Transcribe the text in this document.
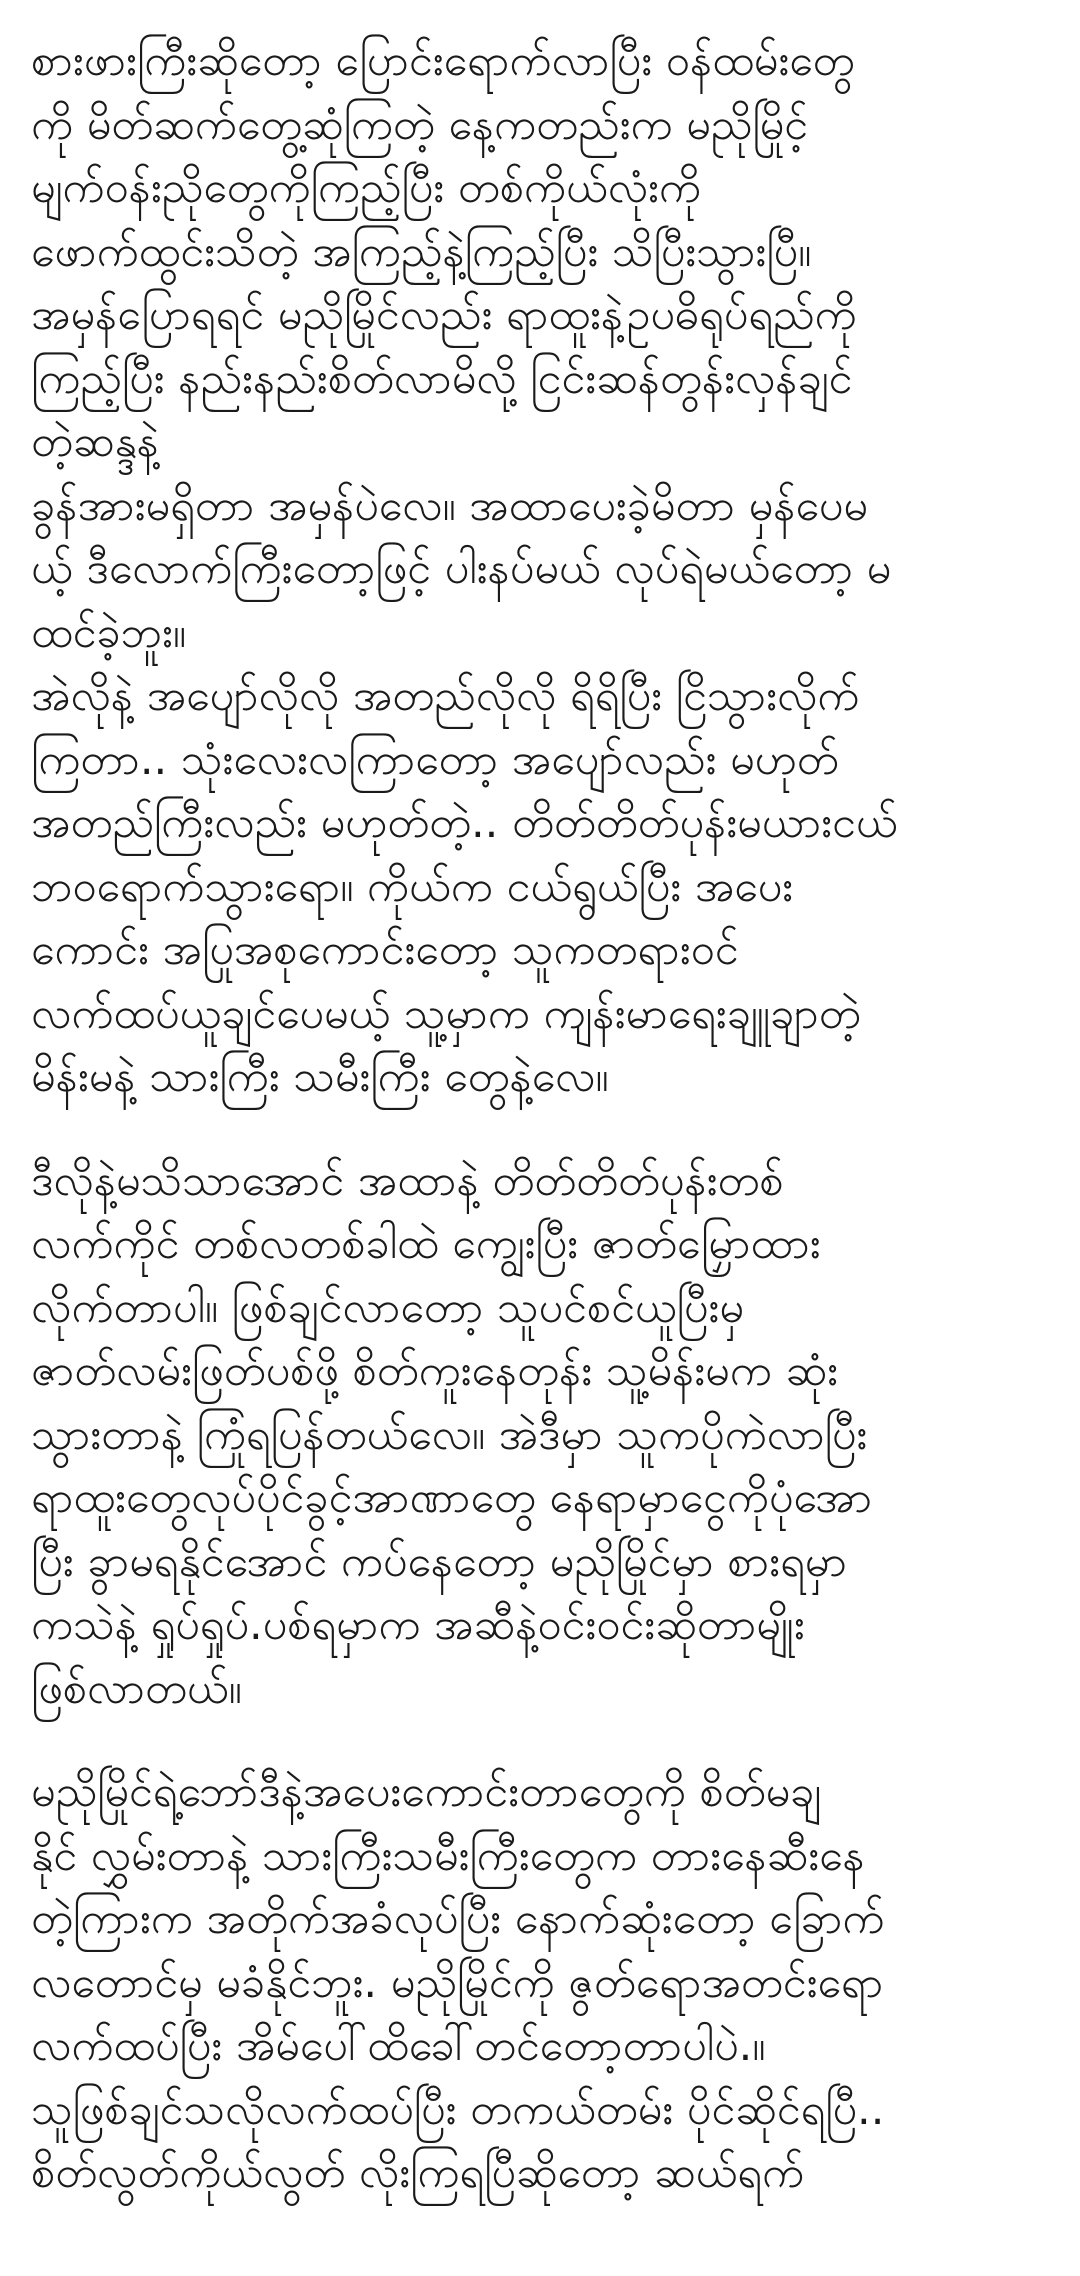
စားဖားကြီးဆိုတော့ ပြောင်းရောက်လာပြီး ဝန်ထမ်းတွေ
ကို မိတ်ဆက်တွေ့ဆုံကြတဲ့ နေ့ကတည်းက မညိုမြိုင့်
မျက်ဝန်းညိုတွေကိုကြည့်ပြီး တစ်ကိုယ်လုံးကို
ဖောက်ထွင်းသိတဲ့ အကြည့်နဲ့ကြည့်ပြီး သိပြီးသွားပြီ။
အမှန်ပြောရရင် မညိုမြိုင်လည်း ရာထူးနဲ့ဥပဓိရုပ်ရည်ကို
ကြည့်ပြီး နည်းနည်းစိတ်လာမိလို့ ငြင်းဆန်တွန်းလှန်ချင်
တဲ့ဆန္ဒနဲ့
ခွန်အားမရှိတာ အမှန်ပဲလေ။ အထာပေးခဲ့မိတာ မှန်ပေမ
ယ့် ဒီလောက်ကြီးတော့ဖြင့် ပါးနပ်မယ် လုပ်ရဲမယ်တော့ မ
ထင်ခဲ့ဘူး။
အဲလိုနဲ့ အပျော်လိုလို အတည်လိုလို ရိရိပြီး ငြိသွားလိုက်
ကြတာ.. သုံးလေးလကြာတော့ အပျော်လည်း မဟုတ်
အတည်ကြီးလည်း မဟုတ်တဲ့.. တိတ်တိတ်ပုန်းမယားငယ်
ဘဝရောက်သွားရော။ ကိုယ်က ငယ်ရွယ်ပြီး အပေး
ကောင်း အပြုအစုကောင်းတော့ သူကတရားဝင်
လက်ထပ်ယူချင်ပေမယ့် သူ့မှာက ကျန်းမာရေးချူချာတဲ့
မိန်းမနဲ့ သားကြီး သမီးကြီး တွေနဲ့လေ။

ဒီလိုနဲ့မသိသာအောင် အထာနဲ့ တိတ်တိတ်ပုန်းတစ်
လက်ကိုင် တစ်လတစ်ခါထဲ ကျွေးပြီး ဇာတ်မြှောထား
လိုက်တာပါ။ ဖြစ်ချင်လာတော့ သူပင်စင်ယူပြီးမှ
ဇာတ်လမ်းဖြတ်ပစ်ဖို့ စိတ်ကူးနေတုန်း သူ့မိန်းမက ဆုံး
သွားတာနဲ့ ကြုံရပြန်တယ်လေ။ အဲဒီမှာ သူကပိုကဲလာပြီး
ရာထူးတွေလုပ်ပိုင်ခွင့်အာဏာတွေ နေရာမှာငွေကိုပုံအော
ပြီး ခွာမရနိုင်အောင် ကပ်နေတော့ မညိုမြိုင်မှာ စားရမှာ
ကသဲနဲ့ ရှုပ်ရှုပ်.ပစ်ရမှာက အဆီနဲ့ဝင်းဝင်းဆိုတာမျိုး
ဖြစ်လာတယ်။

မညိုမြိုင်ရဲ့ဘော်ဒီနဲ့အပေးကောင်းတာတွေကို စိတ်မချ
နိုင် လွှမ်းတာနဲ့ သားကြီးသမီးကြီးတွေက တားနေဆီးနေ
တဲ့ကြားက အတိုက်အခံလုပ်ပြီး နောက်ဆုံးတော့ ခြောက်
လတောင်မှ မခံနိုင်ဘူး. မညိုမြိုင်ကို ဇွတ်ရောအတင်းရော
လက်ထပ်ပြီး အိမ်ပေါ်ထိခေါ်တင်တော့တာပါပဲ.။
သူဖြစ်ချင်သလိုလက်ထပ်ပြီး တကယ်တမ်း ပိုင်ဆိုင်ရပြီ..
စိတ်လွတ်ကိုယ်လွတ် လိုးကြရပြီဆိုတော့ ဆယ်ရက်
